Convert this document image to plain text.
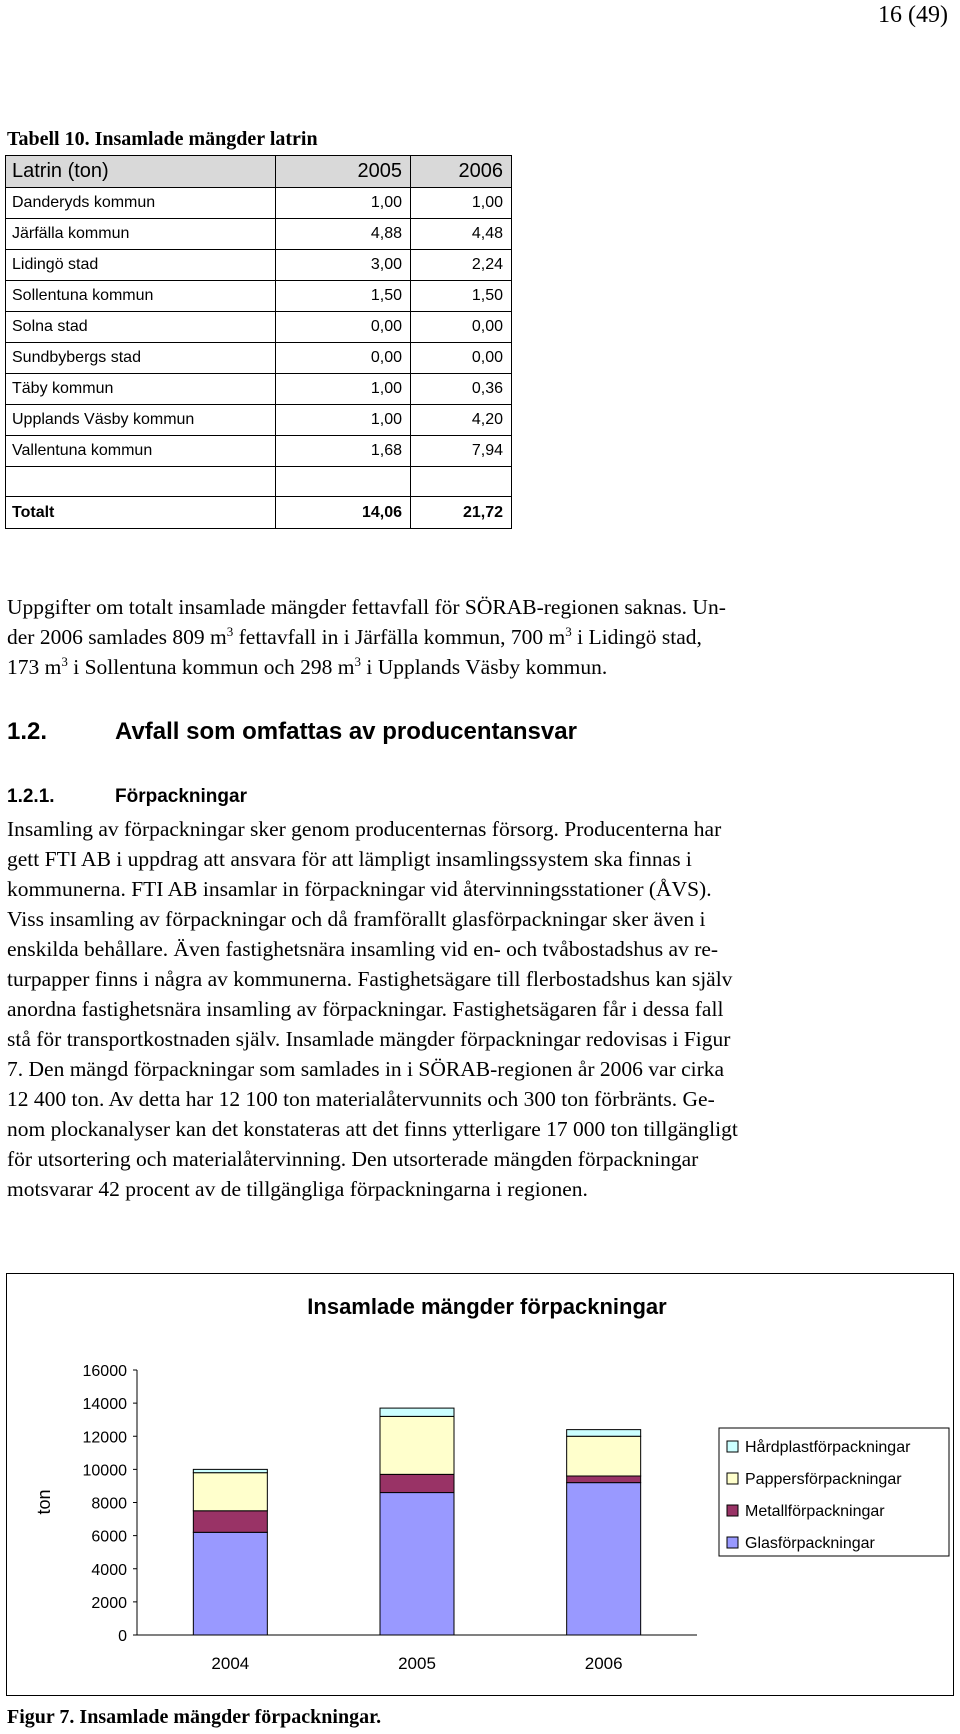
16 (49)
Tabell 10. Insamlade mängder latrin
Latrin (ton)	2005	2006
Danderyds kommun	1,00	1,00
Järfälla kommun	4,88	4,48
Lidingö stad	3,00	2,24
Sollentuna kommun	1,50	1,50
Solna stad	0,00	0,00
Sundbybergs stad	0,00	0,00
Täby kommun	1,00	0,36
Upplands Väsby kommun	1,00	4,20
Vallentuna kommun	1,68	7,94

Totalt	14,06	21,72
Uppgifter om totalt insamlade mängder fettavfall för SÖRAB-regionen saknas. Un-
der 2006 samlades 809 $m^3$ fettavfall in i Järfälla kommun, 700 $m^3$ i Lidingö stad,
173 $m^3$ i Sollentuna kommun och 298 $m^3$ i Upplands Väsby kommun.
1.2.	Avfall som omfattas av producentansvar
1.2.1.	Förpackningar
Insamling av förpackningar sker genom producenternas försorg. Producenterna har
gett FTI AB i uppdrag att ansvara för att lämpligt insamlingssystem ska finnas i
kommunerna. FTI AB insamlar in förpackningar vid återvinningsstationer (ÅVS).
Viss insamling av förpackningar och då framförallt glasförpackningar sker även i
enskilda behållare. Även fastighetsnära insamling vid en- och tvåbostadshus av re-
turpapper finns i några av kommunerna. Fastighetsägare till flerbostadshus kan själv
anordna fastighetsnära insamling av förpackningar. Fastighetsägaren får i dessa fall
stå för transportkostnaden själv. Insamlade mängder förpackningar redovisas i Figur
7. Den mängd förpackningar som samlades in i SÖRAB-regionen år 2006 var cirka
12 400 ton. Av detta har 12 100 ton materialåtervunnits och 300 ton förbränts. Ge-
nom plockanalyser kan det konstateras att det finns ytterligare 17 000 ton tillgängligt
för utsortering och materialåtervinning. Den utsorterade mängden förpackningar
motsvarar 42 procent av de tillgängliga förpackningarna i regionen.
Insamlade mängder förpackningar
0
2000
4000
6000
8000
10000
12000
14000
16000
ton
2004	2005	2006
Hårdplastförpackningar
Pappersförpackningar
Metallförpackningar
Glasförpackningar
Figur 7. Insamlade mängder förpackningar.
